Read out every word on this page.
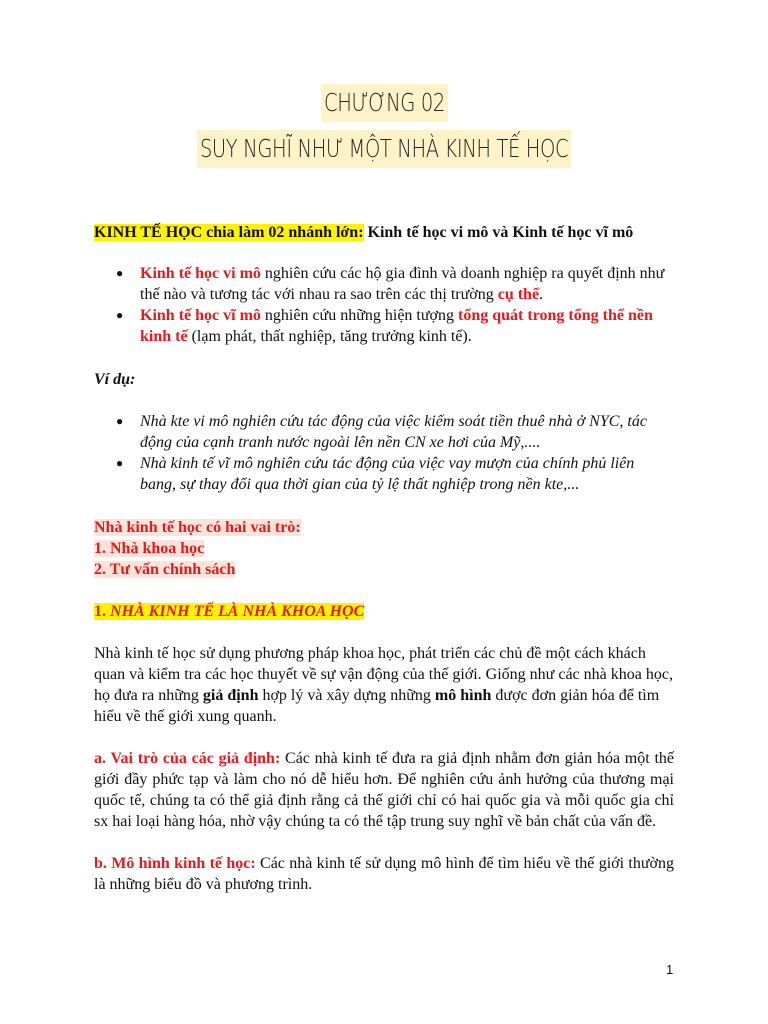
CHƯƠNG 02
SUY NGHĨ NHƯ MỘT NHÀ KINH TẾ HỌC

KINH TẾ HỌC chia làm 02 nhánh lớn: Kinh tế học vi mô và Kinh tế học vĩ mô

● Kinh tế học vi mô nghiên cứu các hộ gia đình và doanh nghiệp ra quyết định như thế nào và tương tác với nhau ra sao trên các thị trường cụ thể.
● Kinh tế học vĩ mô nghiên cứu những hiện tượng tổng quát trong tổng thể nền kinh tế (lạm phát, thất nghiệp, tăng trưởng kinh tế).

Ví dụ:

● Nhà kte vi mô nghiên cứu tác động của việc kiểm soát tiền thuê nhà ở NYC, tác động của cạnh tranh nước ngoài lên nền CN xe hơi của Mỹ,....
● Nhà kinh tế vĩ mô nghiên cứu tác động của việc vay mượn của chính phủ liên bang, sự thay đổi qua thời gian của tỷ lệ thất nghiệp trong nền kte,...

Nhà kinh tế học có hai vai trò:

1. Nhà khoa học

2. Tư vấn chính sách

1. NHÀ KINH TẾ LÀ NHÀ KHOA HỌC

Nhà kinh tế học sử dụng phương pháp khoa học, phát triển các chủ đề một cách khách quan và kiểm tra các học thuyết về sự vận động của thế giới. Giống như các nhà khoa học, họ đưa ra những giả định hợp lý và xây dựng những mô hình được đơn giản hóa để tìm hiểu về thế giới xung quanh.

a. Vai trò của các giả định: Các nhà kinh tế đưa ra giả định nhằm đơn giản hóa một thế giới đầy phức tạp và làm cho nó dễ hiểu hơn. Để nghiên cứu ảnh hưởng của thương mại quốc tế, chúng ta có thể giả định rằng cả thế giới chỉ có hai quốc gia và mỗi quốc gia chỉ sx hai loại hàng hóa, nhờ vậy chúng ta có thể tập trung suy nghĩ về bản chất của vấn đề.

b. Mô hình kinh tế học: Các nhà kinh tế sử dụng mô hình để tìm hiểu về thế giới thường là những biểu đồ và phương trình.

1
